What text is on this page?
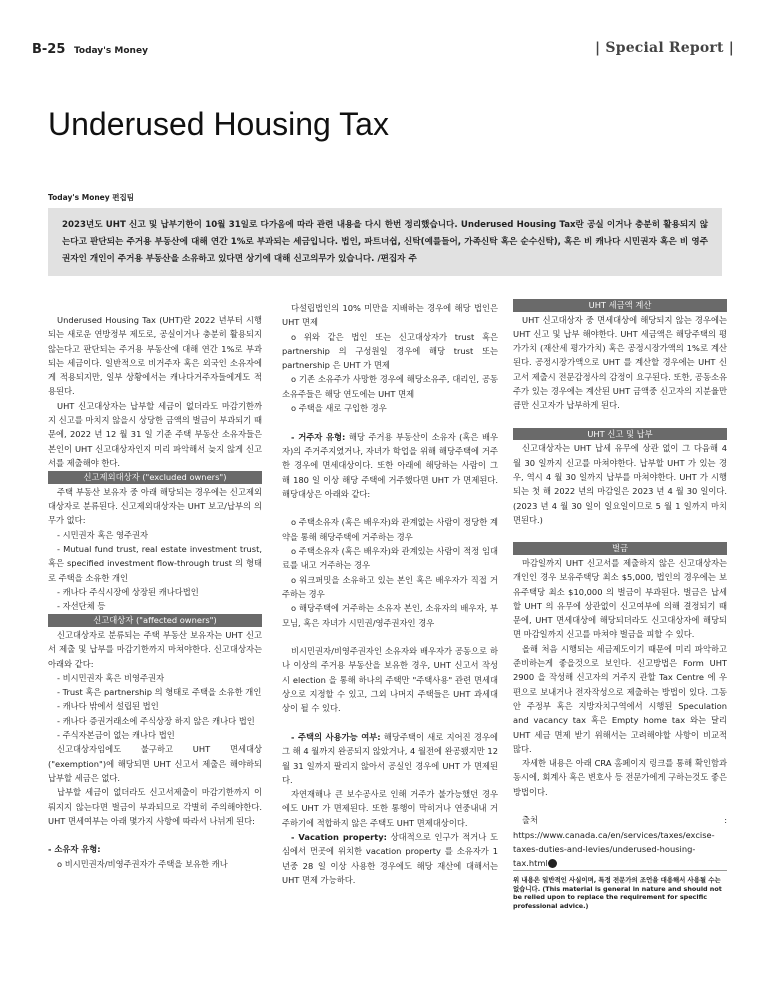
B-25 Today's Money	| Special Report |
Underused Housing Tax
Today's Money 편집팀
2023년도 UHT 신고 및 납부기한이 10월 31일로 다가옴에 따라 관련 내용을 다시 한번 정리했습니다. Underused Housing Tax란 공실 이거나 충분히 활용되지 않는다고 판단되는 주거용 부동산에 대해 연간 1%로 부과되는 세금입니다. 법인, 파트너쉽, 신탁(예를들어, 가족신탁 혹은 순수신탁), 혹은 비 캐나다 시민권자 혹은 비 영주권자인 개인이 주거용 부동산을 소유하고 있다면 상기에 대해 신고의무가 있습니다. /편집자 주

Underused Housing Tax (UHT)란 2022 년부터 시행되는 새로운 연방정부 제도로, 공실이거나 충분히 활용되지 않는다고 판단되는 주거용 부동산에 대해 연간 1%로 부과되는 세금이다. 일반적으로 비거주자 혹은 외국인 소유자에게 적용되지만, 일부 상황에서는 캐나다거주자들에게도 적용된다.

UHT 신고대상자는 납부할 세금이 없더라도 마감기한까지 신고를 마치지 않을시 상당한 금액의 벌금이 부과되기 때문에, 2022 년 12 월 31 일 기준 주택 부동산 소유자들은 본인이 UHT 신고대상자인지 미리 파악해서 늦지 않게 신고서를 제출해야 한다.

신고제외대상자 ("excluded owners")

주택 부동산 보유자 중 아래 해당되는 경우에는 신고제외대상자로 분류된다. 신고제외대상자는 UHT 보고/납부의 의무가 없다:

- 시민권자 혹은 영주권자

- Mutual fund trust, real estate investment trust, 혹은 specified investment flow-through trust 의 형태로 주택을 소유한 개인

- 캐나다 주식시장에 상장된 캐나다법인

- 자선단체 등

신고대상자 ("affected owners")

신고대상자로 분류되는 주택 부동산 보유자는 UHT 신고서 제출 및 납부를 마감기한까지 마쳐야한다. 신고대상자는 아래와 같다:

- 비시민권자 혹은 비영주권자

- Trust 혹은 partnership 의 형태로 주택을 소유한 개인

- 캐나다 밖에서 설립된 법인

- 캐나다 증권거래소에 주식상장 하지 않은 캐나다 법인

- 주식자본금이 없는 캐나다 법인

신고대상자임에도 불구하고 UHT 면세대상 ("exemption")에 해당되면 UHT 신고서 제출은 해야하되 납부할 세금은 없다.

납부할 세금이 없더라도 신고서제출이 마감기한까지 이뤄지지 않는다면 벌금이 부과되므로 각별히 주의해야한다. UHT 면세여부는 아래 몇가지 사항에 따라서 나뉘게 된다:

- 소유자 유형:

o 비시민권자/비영주권자가 주택을 보유한 캐나

다설립법인의 10% 미만을 지배하는 경우에 해당 법인은 UHT 면제

o 위와 같은 법인 또는 신고대상자가 trust 혹은 partnership 의 구성원일 경우에 해당 trust 또는 partnership 은 UHT 가 면제

o 기존 소유주가 사망한 경우에 해당소유주, 대리인, 공동소유주들은 해당 연도에는 UHT 면제

o 주택을 새로 구입한 경우

- 거주자 유형: 해당 주거용 부동산이 소유자 (혹은 배우자)의 주거주지였거나, 자녀가 학업을 위해 해당주택에 거주한 경우에 면세대상이다. 또한 아래에 해당하는 사람이 그 해 180 일 이상 해당 주택에 거주했다면 UHT 가 면제된다. 해당대상은 아래와 같다:

o 주택소유자 (혹은 배우자)와 관계없는 사람이 정당한 계약을 통해 해당주택에 거주하는 경우

o 주택소유자 (혹은 배우자)와 관계있는 사람이 적정 임대료를 내고 거주하는 경우

o 워크퍼밋을 소유하고 있는 본인 혹은 배우자가 직접 거주하는 경우

o 해당주택에 거주하는 소유자 본인, 소유자의 배우자, 부모님, 혹은 자녀가 시민권/영주권자인 경우

비시민권자/비영주권자인 소유자와 배우자가 공동으로 하나 이상의 주거용 부동산을 보유한 경우, UHT 신고서 작성시 election 을 통해 하나의 주택만 "주택사용" 관련 면세대상으로 지정할 수 있고, 그외 나머지 주택들은 UHT 과세대상이 될 수 있다.

- 주택의 사용가능 여부: 해당주택이 새로 지어진 경우에 그 해 4 월까지 완공되지 않았거나, 4 월전에 완공됐지만 12 월 31 일까지 팔리지 않아서 공실인 경우에 UHT 가 면제된다.

자연재해나 큰 보수공사로 인해 거주가 불가능했던 경우에도 UHT 가 면제된다. 또한 통행이 막히거나 연중내내 거주하기에 적합하지 않은 주택도 UHT 면제대상이다.

- Vacation property: 상대적으로 인구가 적거나 도심에서 먼곳에 위치한 vacation property 를 소유자가 1 년중 28 일 이상 사용한 경우에도 해당 재산에 대해서는 UHT 면제 가능하다.

UHT 세금액 계산

UHT 신고대상자 중 면세대상에 해당되지 않는 경우에는 UHT 신고 및 납부 해야한다. UHT 세금액은 해당주택의 평가가치 (재산세 평가가치) 혹은 공정시장가액의 1%로 계산된다. 공정시장가액으로 UHT 를 계산할 경우에는 UHT 신고서 제출시 전문감정사의 감정이 요구된다. 또한, 공동소유주가 있는 경우에는 계산된 UHT 금액중 신고자의 지분율만큼만 신고자가 납부하게 된다.

UHT 신고 및 납부

신고대상자는 UHT 납세 유무에 상관 없이 그 다음해 4 월 30 일까지 신고를 마쳐야한다. 납부할 UHT 가 있는 경우, 역시 4 월 30 일까지 납부를 마쳐야한다. UHT 가 시행되는 첫 해 2022 년의 마감일은 2023 년 4 월 30 일이다. (2023 년 4 월 30 일이 일요일이므로 5 월 1 일까지 마치면된다.)

벌금

마감일까지 UHT 신고서를 제출하지 않은 신고대상자는 개인인 경우 보유주택당 최소 $5,000, 법인의 경우에는 보유주택당 최소 $10,000 의 벌금이 부과된다. 벌금은 납세할 UHT 의 유무에 상관없이 신고여부에 의해 결정되기 때문에, UHT 면세대상에 해당되더라도 신고대상자에 해당되면 마감일까지 신고를 마쳐야 벌금을 피할 수 있다.

올해 처음 시행되는 세금제도이기 때문에 미리 파악하고 준비하는게 좋을것으로 보인다. 신고방법은 Form UHT 2900 을 작성해 신고자의 거주지 관할 Tax Centre 에 우편으로 보내거나 전자작성으로 제출하는 방법이 있다. 그동안 주정부 혹은 지방자치구역에서 시행된 Speculation and vacancy tax 혹은 Empty home tax 와는 달리 UHT 세금 면제 받기 위해서는 고려해야할 사항이 비교적 많다.

자세한 내용은 아래 CRA 홈페이지 링크를 통해 확인함과 동시에, 회계사 혹은 변호사 등 전문가에게 구하는것도 좋은 방법이다.

출처 : https://www.canada.ca/en/services/taxes/excise-taxes-duties-and-levies/underused-housing-tax.html M

위 내용은 일반적인 사실이며, 특정 전문가의 조언을 대용해서 사용될 수는 없습니다. (This material is general in nature and should not be relied upon to replace the requirement for specific professional advice.)
